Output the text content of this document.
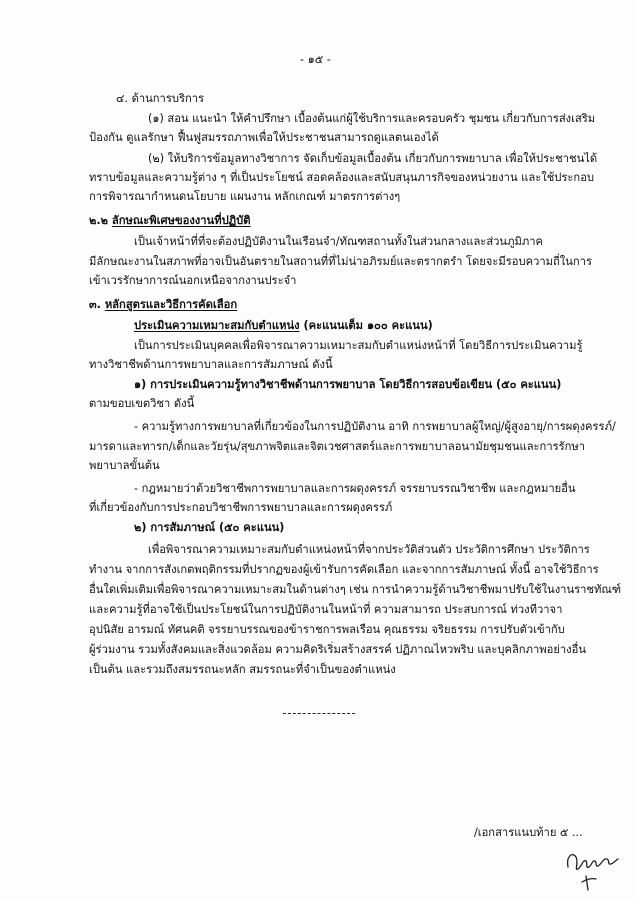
- ๑๕ -
๔. ด้านการบริการ
(๑) สอน แนะนำ ให้คำปรึกษา เบื้องต้นแก่ผู้ใช้บริการและครอบครัว ชุมชน เกี่ยวกับการส่งเสริม
ป้องกัน ดูแลรักษา ฟื้นฟูสมรรถภาพเพื่อให้ประชาชนสามารถดูแลตนเองได้
(๒) ให้บริการข้อมูลทางวิชาการ จัดเก็บข้อมูลเบื้องต้น เกี่ยวกับการพยาบาล เพื่อให้ประชาชนได้
ทราบข้อมูลและความรู้ต่าง ๆ ที่เป็นประโยชน์ สอดคล้องและสนับสนุนภารกิจของหน่วยงาน และใช้ประกอบ
การพิจารณากำหนดนโยบาย แผนงาน หลักเกณฑ์ มาตรการต่างๆ
๒.๒ ลักษณะพิเศษของงานที่ปฏิบัติ
เป็นเจ้าหน้าที่ที่จะต้องปฏิบัติงานในเรือนจำ/ทัณฑสถานทั้งในส่วนกลางและส่วนภูมิภาค
มีลักษณะงานในสภาพที่อาจเป็นอันตรายในสถานที่ที่ไม่น่าอภิรมย์และตรากตรำ โดยจะมีรอบความถี่ในการ
เข้าเวรรักษาการณ์นอกเหนือจากงานประจำ
๓. หลักสูตรและวิธีการคัดเลือก
ประเมินความเหมาะสมกับตำแหน่ง (คะแนนเต็ม ๑๐๐ คะแนน)
เป็นการประเมินบุคคลเพื่อพิจารณาความเหมาะสมกับตำแหน่งหน้าที่ โดยวิธีการประเมินความรู้
ทางวิชาชีพด้านการพยาบาลและการสัมภาษณ์ ดังนี้
๑) การประเมินความรู้ทางวิชาชีพด้านการพยาบาล โดยวิธีการสอบข้อเขียน (๕๐ คะแนน)
ตามขอบเขตวิชา ดังนี้
- ความรู้ทางการพยาบาลที่เกี่ยวข้องในการปฏิบัติงาน อาทิ การพยาบาลผู้ใหญ่/ผู้สูงอายุ/การผดุงครรภ์/
มารดาและทารก/เด็กและวัยรุ่น/สุขภาพจิตและจิตเวชศาสตร์และการพยาบาลอนามัยชุมชนและการรักษา
พยาบาลขั้นต้น
- กฎหมายว่าด้วยวิชาชีพการพยาบาลและการผดุงครรภ์ จรรยาบรรณวิชาชีพ และกฎหมายอื่น
ที่เกี่ยวข้องกับการประกอบวิชาชีพการพยาบาลและการผดุงครรภ์
๒) การสัมภาษณ์ (๕๐ คะแนน)
เพื่อพิจารณาความเหมาะสมกับตำแหน่งหน้าที่จากประวัติส่วนตัว ประวัติการศึกษา ประวัติการ
ทำงาน จากการสังเกตพฤติกรรมที่ปรากฏของผู้เข้ารับการคัดเลือก และจากการสัมภาษณ์ ทั้งนี้ อาจใช้วิธีการ
อื่นใดเพิ่มเติมเพื่อพิจารณาความเหมาะสมในด้านต่างๆ เช่น การนำความรู้ด้านวิชาชีพมาปรับใช้ในงานราชทัณฑ์
และความรู้ที่อาจใช้เป็นประโยชน์ในการปฏิบัติงานในหน้าที่ ความสามารถ ประสบการณ์ ท่วงทีวาจา
อุปนิสัย อารมณ์ ทัศนคติ จรรยาบรรณของข้าราชการพลเรือน คุณธรรม จริยธรรม การปรับตัวเข้ากับ
ผู้ร่วมงาน รวมทั้งสังคมและสิ่งแวดล้อม ความคิดริเริ่มสร้างสรรค์ ปฏิภาณไหวพริบ และบุคลิกภาพอย่างอื่น
เป็นต้น และรวมถึงสมรรถนะหลัก สมรรถนะที่จำเป็นของตำแหน่ง
/เอกสารแนบท้าย ๕ ...
